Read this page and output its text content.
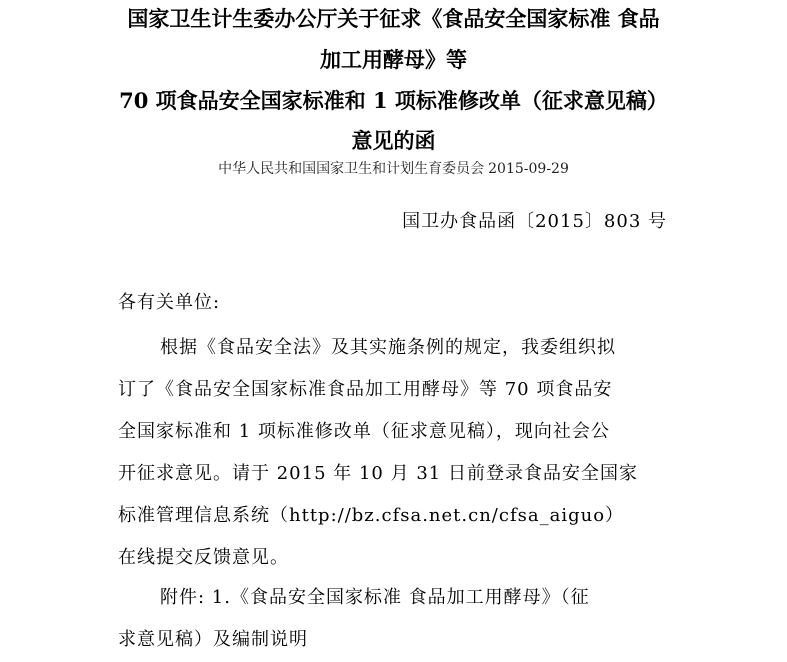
国家卫生计生委办公厅关于征求《食品安全国家标准 食品
加工用酵母》等
70 项食品安全国家标准和 1 项标准修改单（征求意见稿）
意见的函
中华人民共和国国家卫生和计划生育委员会 2015-09-29
国卫办食品函〔2015〕803 号
各有关单位:
根据《食品安全法》及其实施条例的规定，我委组织拟
订了《食品安全国家标准食品加工用酵母》等 70 项食品安
全国家标准和 1 项标准修改单（征求意见稿），现向社会公
开征求意见。请于 2015 年 10 月 31 日前登录食品安全国家
标准管理信息系统（http://bz.cfsa.net.cn/cfsa_aiguo）
在线提交反馈意见。
附件: 1.《食品安全国家标准 食品加工用酵母》（征
求意见稿）及编制说明
